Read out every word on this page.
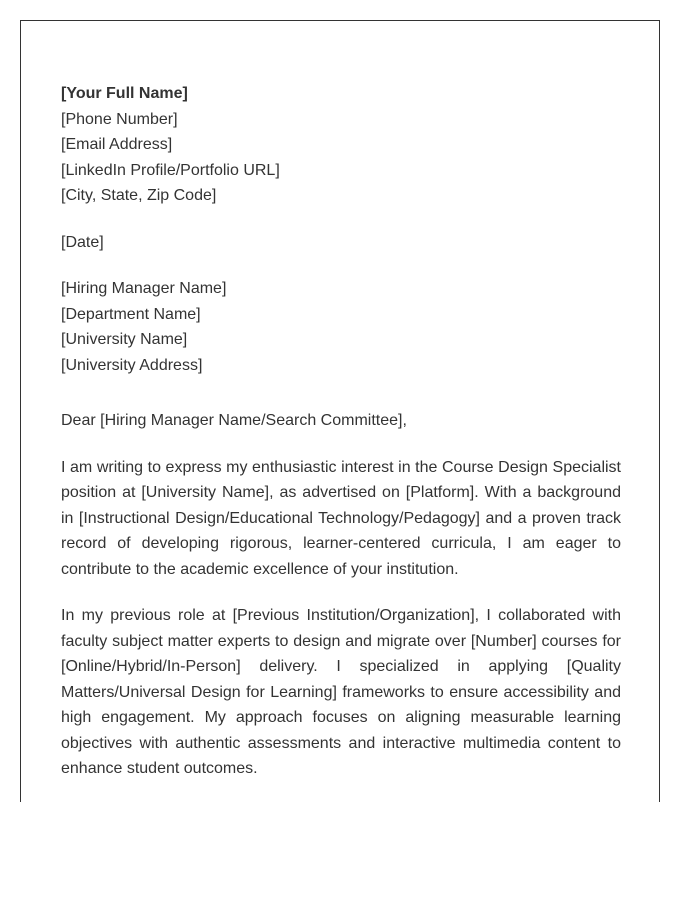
[Your Full Name]
[Phone Number]
[Email Address]
[LinkedIn Profile/Portfolio URL]
[City, State, Zip Code]
[Date]
[Hiring Manager Name]
[Department Name]
[University Name]
[University Address]

Dear [Hiring Manager Name/Search Committee],

I am writing to express my enthusiastic interest in the Course Design Specialist position at [University Name], as advertised on [Platform]. With a background in [Instructional Design/Educational Technology/Pedagogy] and a proven track record of developing rigorous, learner-centered curricula, I am eager to contribute to the academic excellence of your institution.

In my previous role at [Previous Institution/Organization], I collaborated with faculty subject matter experts to design and migrate over [Number] courses for [Online/Hybrid/In-Person] delivery. I specialized in applying [Quality Matters/Universal Design for Learning] frameworks to ensure accessibility and high engagement. My approach focuses on aligning measurable learning objectives with authentic assessments and interactive multimedia content to enhance student outcomes.
